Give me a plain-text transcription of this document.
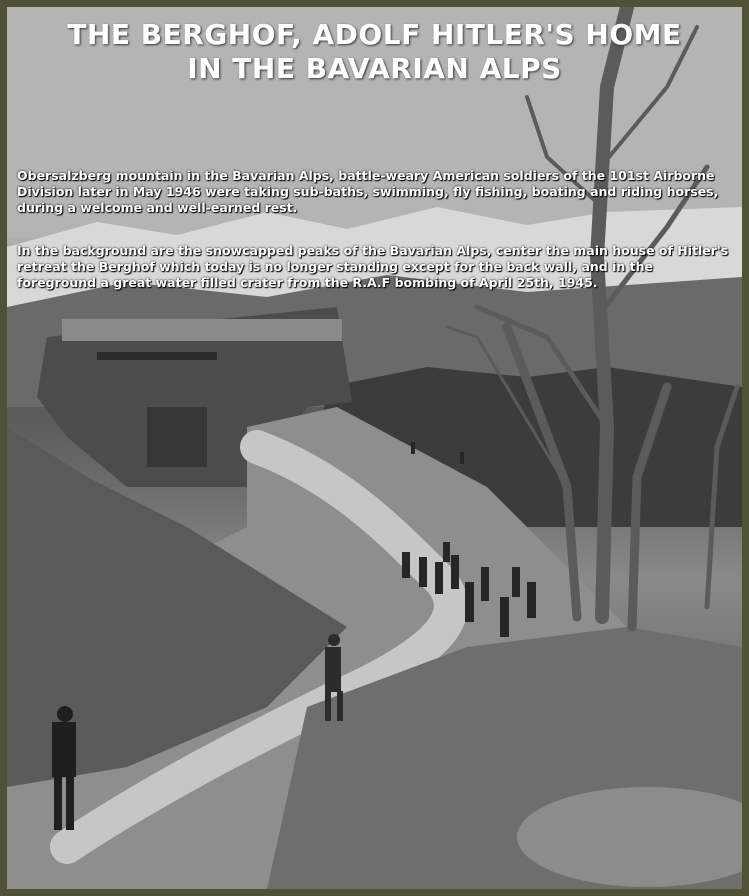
THE BERGHOF, ADOLF HITLER'S HOME
IN THE BAVARIAN ALPS
Obersalzberg mountain in the Bavarian Alps, battle-weary American soldiers of the 101st Airborne Division later in May 1946 were taking sub-baths, swimming, fly fishing, boating and riding horses, during a welcome and well-earned rest.
In the background are the snowcapped peaks of the Bavarian Alps, center the main house of Hitler's retreat the Berghof which today is no longer standing except for the back wall, and in the foreground a great water filled crater from the R.A.F bombing of April 25th, 1945.
